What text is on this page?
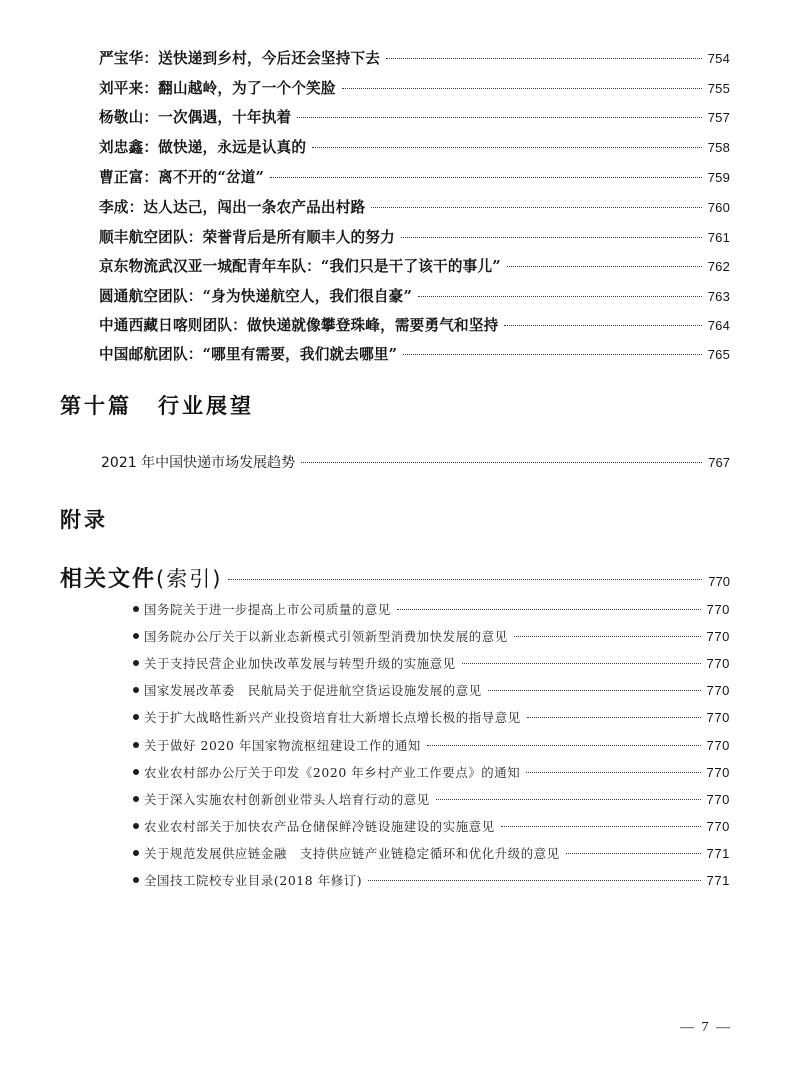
严宝华：送快递到乡村，今后还会坚持下去	754
刘平来：翻山越岭，为了一个个笑脸	755
杨敬山：一次偶遇，十年执着	757
刘忠鑫：做快递，永远是认真的	758
曹正富：离不开的“岔道”	759
李成：达人达己，闯出一条农产品出村路	760
顺丰航空团队：荣誉背后是所有顺丰人的努力	761
京东物流武汉亚一城配青年车队：“我们只是干了该干的事儿”	762
圆通航空团队：“身为快递航空人，我们很自豪”	763
中通西藏日喀则团队：做快递就像攀登珠峰，需要勇气和坚持	764
中国邮航团队：“哪里有需要，我们就去哪里”	765
第十篇 行业展望
2021 年中国快递市场发展趋势	767
附录
相关文件(索引)	770
国务院关于进一步提高上市公司质量的意见	770
国务院办公厅关于以新业态新模式引领新型消费加快发展的意见	770
关于支持民营企业加快改革发展与转型升级的实施意见	770
国家发展改革委　民航局关于促进航空货运设施发展的意见	770
关于扩大战略性新兴产业投资培育壮大新增长点增长极的指导意见	770
关于做好 2020 年国家物流枢纽建设工作的通知	770
农业农村部办公厅关于印发《2020 年乡村产业工作要点》的通知	770
关于深入实施农村创新创业带头人培育行动的意见	770
农业农村部关于加快农产品仓储保鲜冷链设施建设的实施意见	770
关于规范发展供应链金融　支持供应链产业链稳定循环和优化升级的意见	771
全国技工院校专业目录(2018 年修订)	771
— 7 —
